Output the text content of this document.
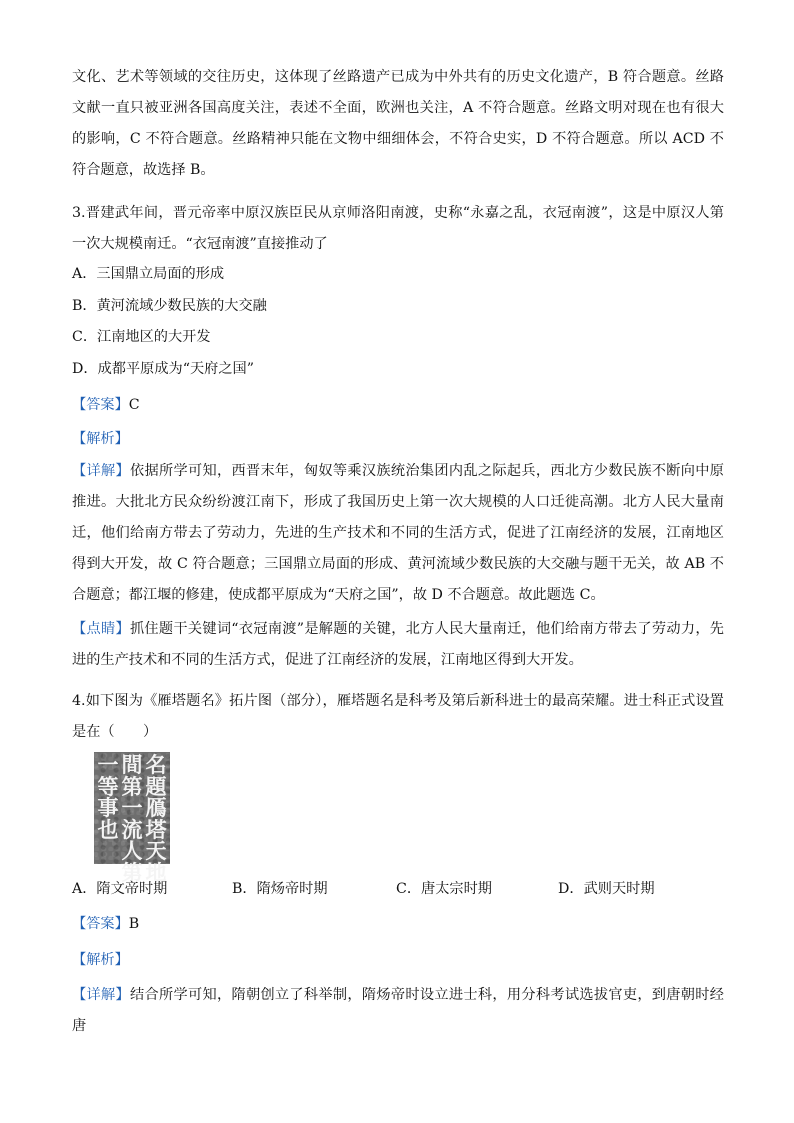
文化、艺术等领域的交往历史，这体现了丝路遗产已成为中外共有的历史文化遗产，B 符合题意。丝路文献一直只被亚洲各国高度关注，表述不全面，欧洲也关注，A 不符合题意。丝路文明对现在也有很大的影响，C 不符合题意。丝路精神只能在文物中细细体会，不符合史实，D 不符合题意。所以 ACD 不符合题意，故选择 B。

3.晋建武年间，晋元帝率中原汉族臣民从京师洛阳南渡，史称“永嘉之乱，衣冠南渡”，这是中原汉人第一次大规模南迁。“衣冠南渡”直接推动了

A．三国鼎立局面的形成
B．黄河流域少数民族的大交融
C．江南地区的大开发
D．成都平原成为“天府之国”
【答案】C
【解析】

【详解】依据所学可知，西晋末年，匈奴等乘汉族统治集团内乱之际起兵，西北方少数民族不断向中原推进。大批北方民众纷纷渡江南下，形成了我国历史上第一次大规模的人口迁徙高潮。北方人民大量南迁，他们给南方带去了劳动力，先进的生产技术和不同的生活方式，促进了江南经济的发展，江南地区得到大开发，故 C 符合题意；三国鼎立局面的形成、黄河流域少数民族的大交融与题干无关，故 AB 不合题意；都江堰的修建，使成都平原成为“天府之国”，故 D 不合题意。故此题选 C。

【点睛】抓住题干关键词“衣冠南渡”是解题的关键，北方人民大量南迁，他们给南方带去了劳动力，先进的生产技术和不同的生活方式，促进了江南经济的发展，江南地区得到大开发。

4.如下图为《雁塔题名》拓片图（部分），雁塔题名是科考及第后新科进士的最高荣耀。进士科正式设置是在（　　）

名
題
鴈
塔
天
地
間
第
一
流
人
第
一
等
事
也
A．隋文帝时期	B．隋炀帝时期	C．唐太宗时期	D．武则天时期
【答案】B
【解析】

【详解】结合所学可知，隋朝创立了科举制，隋炀帝时设立进士科，用分科考试选拔官吏，到唐朝时经唐
